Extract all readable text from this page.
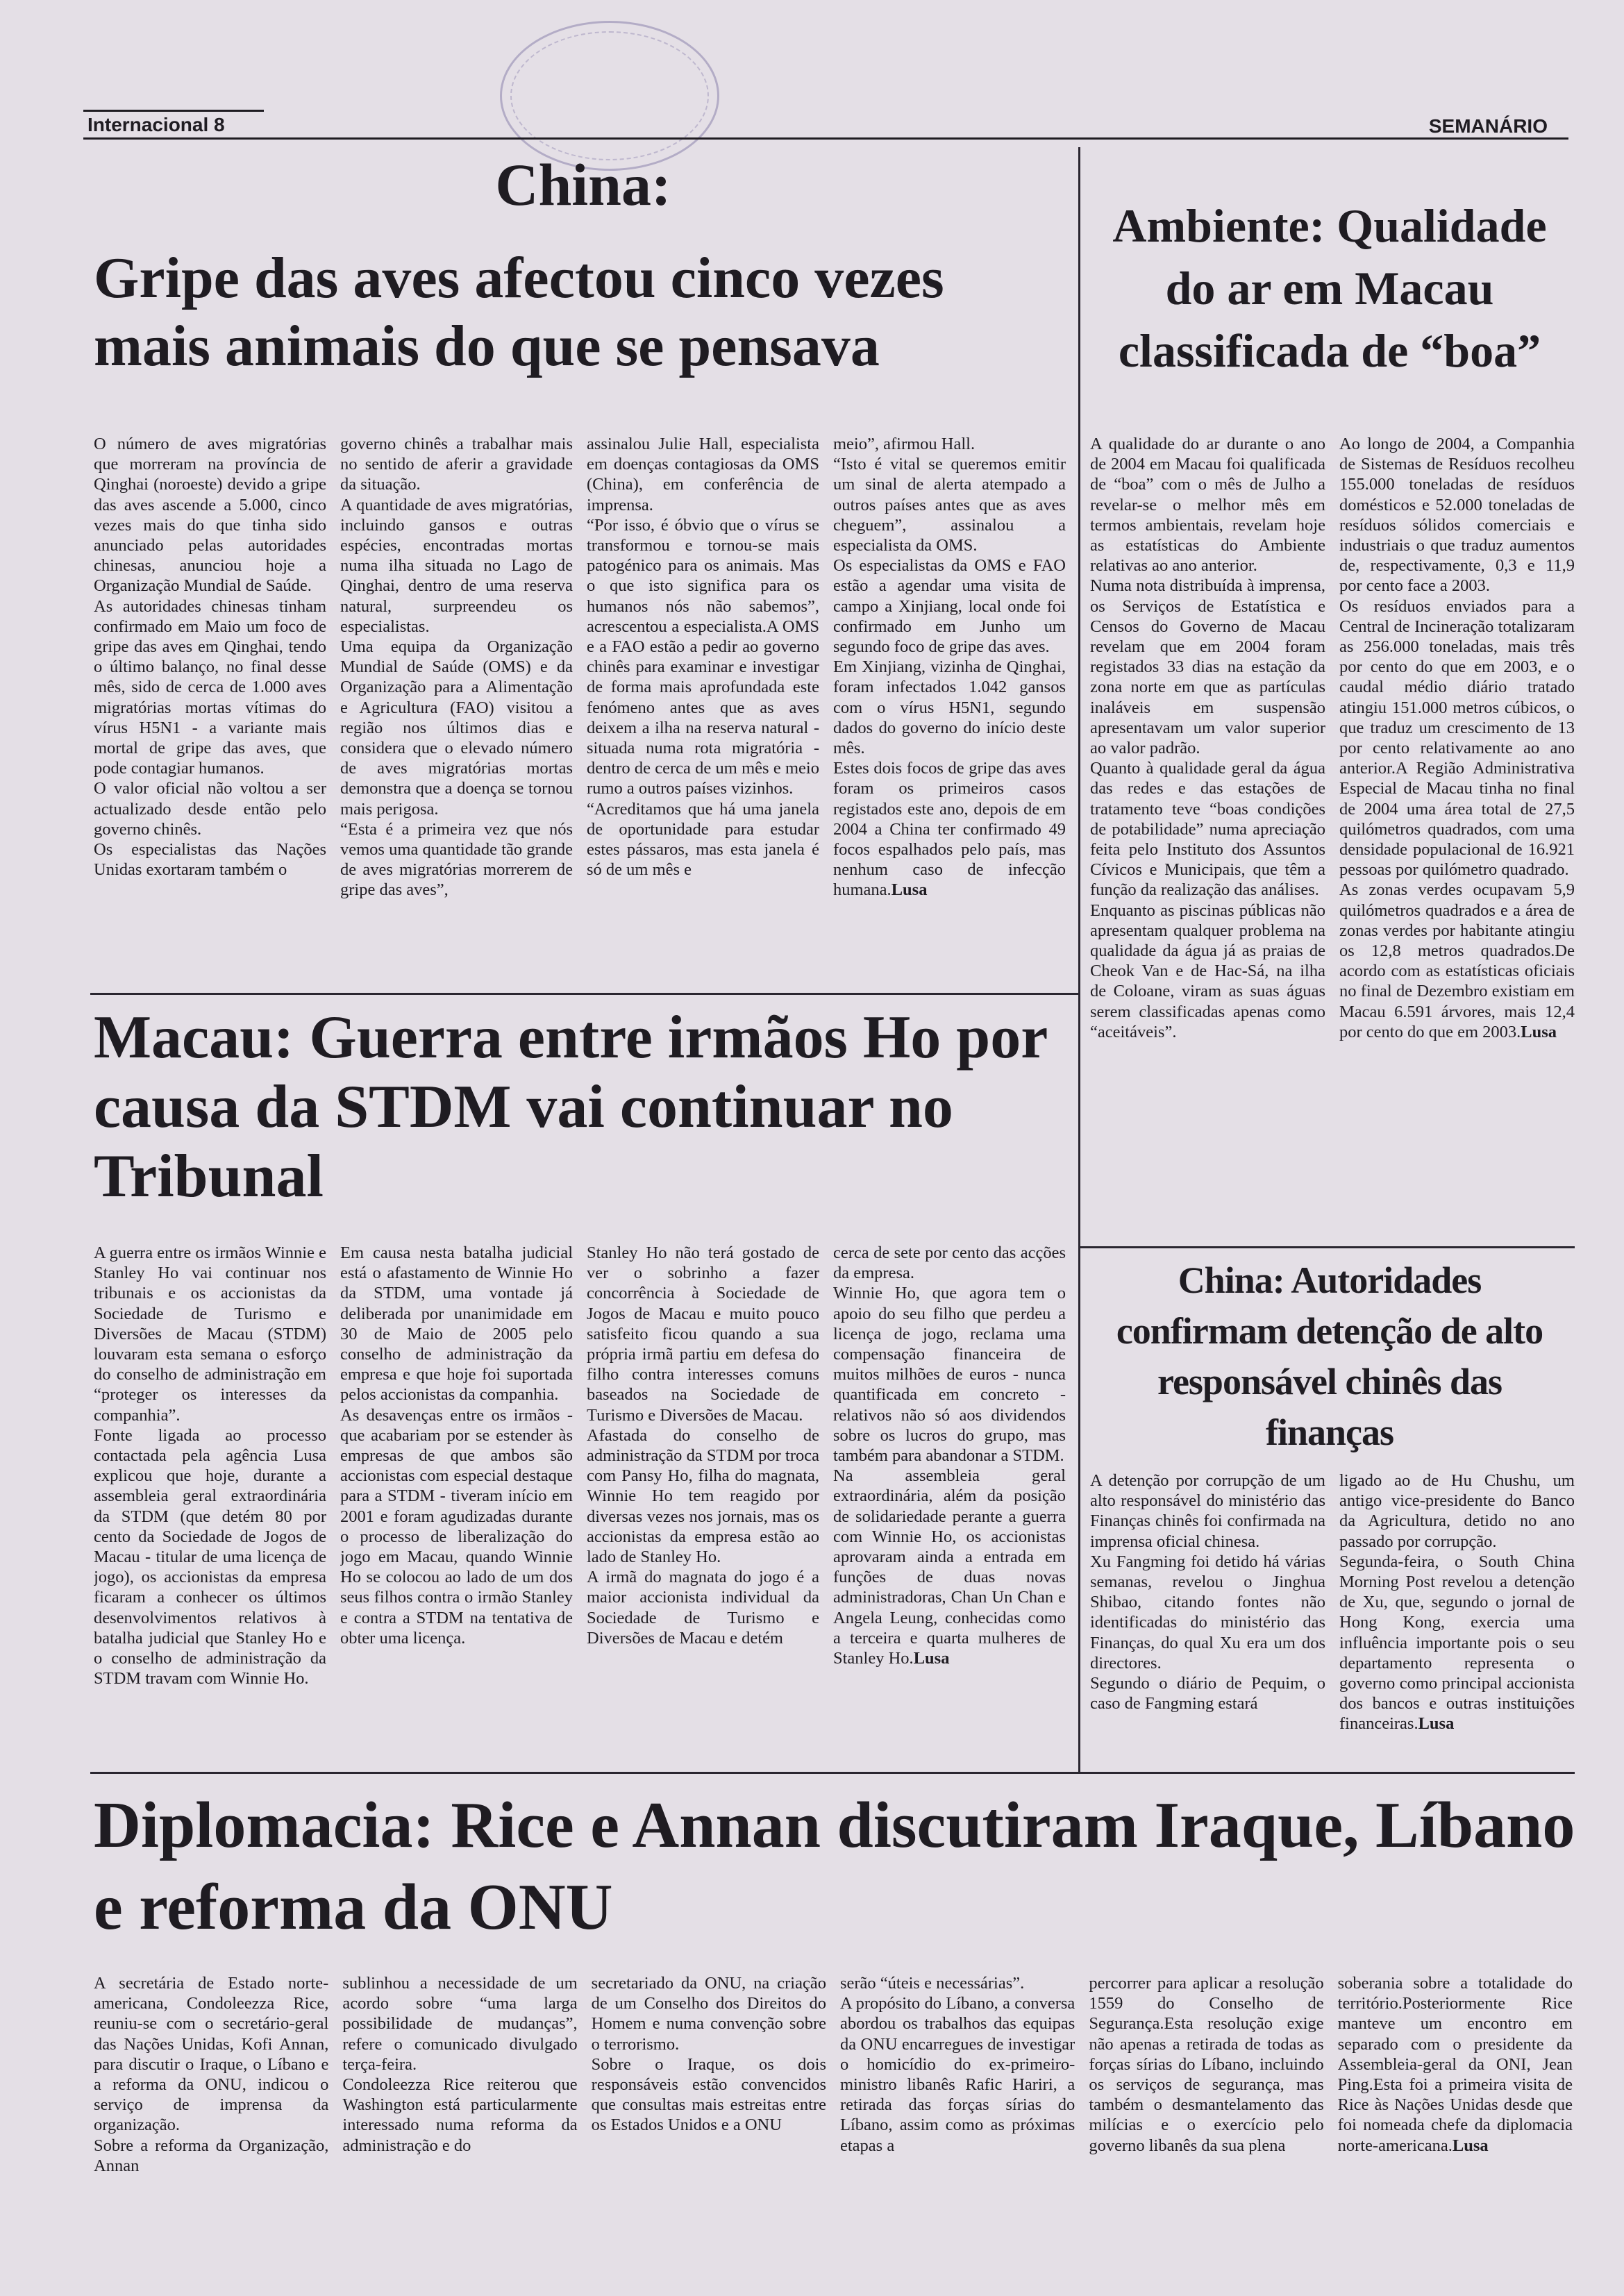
Internacional 8	SEMANÁRIO
China:
Gripe das aves afectou cinco vezes mais animais do que se pensava

O número de aves migratórias que morreram na província de Qinghai (noroeste) devido a gripe das aves ascende a 5.000, cinco vezes mais do que tinha sido anunciado pelas autoridades chinesas, anunciou hoje a Organização Mundial de Saúde.

As autoridades chinesas tinham confirmado em Maio um foco de gripe das aves em Qinghai, tendo o último balanço, no final desse mês, sido de cerca de 1.000 aves migratórias mortas vítimas do vírus H5N1 - a variante mais mortal de gripe das aves, que pode contagiar humanos.

O valor oficial não voltou a ser actualizado desde então pelo governo chinês.

Os especialistas das Nações Unidas exortaram também o

governo chinês a trabalhar mais no sentido de aferir a gravidade da situação.

A quantidade de aves migratórias, incluindo gansos e outras espécies, encontradas mortas numa ilha situada no Lago de Qinghai, dentro de uma reserva natural, surpreendeu os especialistas.

Uma equipa da Organização Mundial de Saúde (OMS) e da Organização para a Alimentação e Agricultura (FAO) visitou a região nos últimos dias e considera que o elevado número de aves migratórias mortas demonstra que a doença se tornou mais perigosa.

“Esta é a primeira vez que nós vemos uma quantidade tão grande de aves migratórias morrerem de gripe das aves”,

assinalou Julie Hall, especialista em doenças contagiosas da OMS (China), em conferência de imprensa.

“Por isso, é óbvio que o vírus se transformou e tornou-se mais patogénico para os animais. Mas o que isto significa para os humanos nós não sabemos”, acrescentou a especialista.A OMS e a FAO estão a pedir ao governo chinês para examinar e investigar de forma mais aprofundada este fenómeno antes que as aves deixem a ilha na reserva natural - situada numa rota migratória - dentro de cerca de um mês e meio rumo a outros países vizinhos.

“Acreditamos que há uma janela de oportunidade para estudar estes pássaros, mas esta janela é só de um mês e

meio”, afirmou Hall.

“Isto é vital se queremos emitir um sinal de alerta atempado a outros países antes que as aves cheguem”, assinalou a especialista da OMS.

Os especialistas da OMS e FAO estão a agendar uma visita de campo a Xinjiang, local onde foi confirmado em Junho um segundo foco de gripe das aves.

Em Xinjiang, vizinha de Qinghai, foram infectados 1.042 gansos com o vírus H5N1, segundo dados do governo do início deste mês.

Estes dois focos de gripe das aves foram os primeiros casos registados este ano, depois de em 2004 a China ter confirmado 49 focos espalhados pelo país, mas nenhum caso de infecção humana.Lusa

Ambiente: Qualidade do ar em Macau classificada de “boa”

A qualidade do ar durante o ano de 2004 em Macau foi qualificada de “boa” com o mês de Julho a revelar-se o melhor mês em termos ambientais, revelam hoje as estatísticas do Ambiente relativas ao ano anterior.

Numa nota distribuída à imprensa, os Serviços de Estatística e Censos do Governo de Macau revelam que em 2004 foram registados 33 dias na estação da zona norte em que as partículas inaláveis em suspensão apresentavam um valor superior ao valor padrão.

Quanto à qualidade geral da água das redes e das estações de tratamento teve “boas condições de potabilidade” numa apreciação feita pelo Instituto dos Assuntos Cívicos e Municipais, que têm a função da realização das análises.

Enquanto as piscinas públicas não apresentam qualquer problema na qualidade da água já as praias de Cheok Van e de Hac-Sá, na ilha de Coloane, viram as suas águas serem classificadas apenas como “aceitáveis”.

Ao longo de 2004, a Companhia de Sistemas de Resíduos recolheu 155.000 toneladas de resíduos domésticos e 52.000 toneladas de resíduos sólidos comerciais e industriais o que traduz aumentos de, respectivamente, 0,3 e 11,9 por cento face a 2003.

Os resíduos enviados para a Central de Incineração totalizaram as 256.000 toneladas, mais três por cento do que em 2003, e o caudal médio diário tratado atingiu 151.000 metros cúbicos, o que traduz um crescimento de 13 por cento relativamente ao ano anterior.A Região Administrativa Especial de Macau tinha no final de 2004 uma área total de 27,5 quilómetros quadrados, com uma densidade populacional de 16.921 pessoas por quilómetro quadrado.

As zonas verdes ocupavam 5,9 quilómetros quadrados e a área de zonas verdes por habitante atingiu os 12,8 metros quadrados.De acordo com as estatísticas oficiais no final de Dezembro existiam em Macau 6.591 árvores, mais 12,4 por cento do que em 2003.Lusa

Macau: Guerra entre irmãos Ho por causa da STDM vai continuar no Tribunal

A guerra entre os irmãos Winnie e Stanley Ho vai continuar nos tribunais e os accionistas da Sociedade de Turismo e Diversões de Macau (STDM) louvaram esta semana o esforço do conselho de administração em “proteger os interesses da companhia”.

Fonte ligada ao processo contactada pela agência Lusa explicou que hoje, durante a assembleia geral extraordinária da STDM (que detém 80 por cento da Sociedade de Jogos de Macau - titular de uma licença de jogo), os accionistas da empresa ficaram a conhecer os últimos desenvolvimentos relativos à batalha judicial que Stanley Ho e o conselho de administração da STDM travam com Winnie Ho.

Em causa nesta batalha judicial está o afastamento de Winnie Ho da STDM, uma vontade já deliberada por unanimidade em 30 de Maio de 2005 pelo conselho de administração da empresa e que hoje foi suportada pelos accionistas da companhia.

As desavenças entre os irmãos - que acabariam por se estender às empresas de que ambos são accionistas com especial destaque para a STDM - tiveram início em 2001 e foram agudizadas durante o processo de liberalização do jogo em Macau, quando Winnie Ho se colocou ao lado de um dos seus filhos contra o irmão Stanley e contra a STDM na tentativa de obter uma licença.

Stanley Ho não terá gostado de ver o sobrinho a fazer concorrência à Sociedade de Jogos de Macau e muito pouco satisfeito ficou quando a sua própria irmã partiu em defesa do filho contra interesses comuns baseados na Sociedade de Turismo e Diversões de Macau.

Afastada do conselho de administração da STDM por troca com Pansy Ho, filha do magnata, Winnie Ho tem reagido por diversas vezes nos jornais, mas os accionistas da empresa estão ao lado de Stanley Ho.

A irmã do magnata do jogo é a maior accionista individual da Sociedade de Turismo e Diversões de Macau e detém

cerca de sete por cento das acções da empresa.

Winnie Ho, que agora tem o apoio do seu filho que perdeu a licença de jogo, reclama uma compensação financeira de muitos milhões de euros - nunca quantificada em concreto - relativos não só aos dividendos sobre os lucros do grupo, mas também para abandonar a STDM.

Na assembleia geral extraordinária, além da posição de solidariedade perante a guerra com Winnie Ho, os accionistas aprovaram ainda a entrada em funções de duas novas administradoras, Chan Un Chan e Angela Leung, conhecidas como a terceira e quarta mulheres de Stanley Ho.Lusa

China: Autoridades confirmam detenção de alto responsável chinês das finanças

A detenção por corrupção de um alto responsável do ministério das Finanças chinês foi confirmada na imprensa oficial chinesa.

Xu Fangming foi detido há várias semanas, revelou o Jinghua Shibao, citando fontes não identificadas do ministério das Finanças, do qual Xu era um dos directores.

Segundo o diário de Pequim, o caso de Fangming estará

ligado ao de Hu Chushu, um antigo vice-presidente do Banco da Agricultura, detido no ano passado por corrupção.

Segunda-feira, o South China Morning Post revelou a detenção de Xu, que, segundo o jornal de Hong Kong, exercia uma influência importante pois o seu departamento representa o governo como principal accionista dos bancos e outras instituições financeiras.Lusa

Diplomacia: Rice e Annan discutiram Iraque, Líbano e reforma da ONU

A secretária de Estado norte-americana, Condoleezza Rice, reuniu-se com o secretário-geral das Nações Unidas, Kofi Annan, para discutir o Iraque, o Líbano e a reforma da ONU, indicou o serviço de imprensa da organização.

Sobre a reforma da Organização, Annan

sublinhou a necessidade de um acordo sobre “uma larga possibilidade de mudanças”, refere o comunicado divulgado terça-feira.

Condoleezza Rice reiterou que Washington está particularmente interessado numa reforma da administração e do

secretariado da ONU, na criação de um Conselho dos Direitos do Homem e numa convenção sobre o terrorismo.

Sobre o Iraque, os dois responsáveis estão convencidos que consultas mais estreitas entre os Estados Unidos e a ONU

serão “úteis e necessárias”.

A propósito do Líbano, a conversa abordou os trabalhos das equipas da ONU encarregues de investigar o homicídio do ex-primeiro- ministro libanês Rafic Hariri, a retirada das forças sírias do Líbano, assim como as próximas etapas a

percorrer para aplicar a resolução 1559 do Conselho de Segurança.Esta resolução exige não apenas a retirada de todas as forças sírias do Líbano, incluindo os serviços de segurança, mas também o desmantelamento das milícias e o exercício pelo governo libanês da sua plena

soberania sobre a totalidade do território.Posteriormente Rice manteve um encontro em separado com o presidente da Assembleia-geral da ONI, Jean Ping.Esta foi a primeira visita de Rice às Nações Unidas desde que foi nomeada chefe da diplomacia norte-americana.Lusa
